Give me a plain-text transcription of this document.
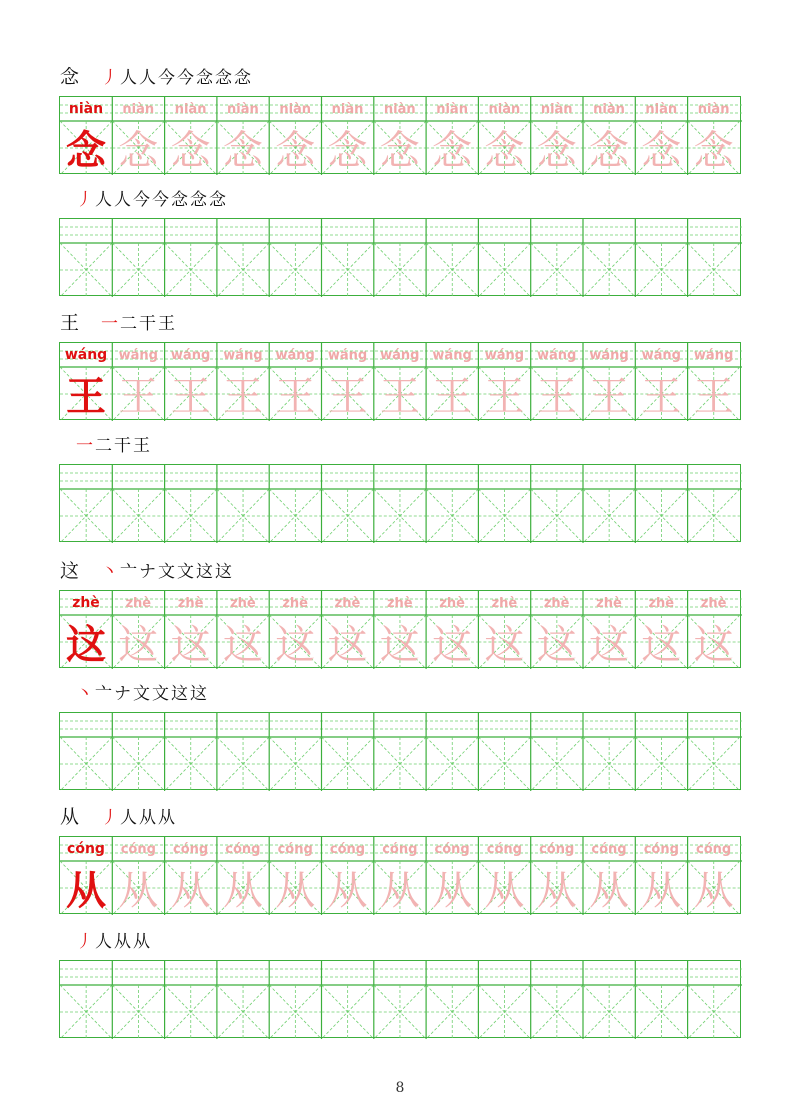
念 丿 人 人 今 今 念 念 念
niàn
念
niàn
念
niàn
念
niàn
念
niàn
念
niàn
念
niàn
念
niàn
念
niàn
念
niàn
念
niàn
念
niàn
念
niàn
念
丿 人 人 今 今 念 念 念
王 一 二 干 王
wáng
王
wáng
王
wáng
王
wáng
王
wáng
王
wáng
王
wáng
王
wáng
王
wáng
王
wáng
王
wáng
王
wáng
王
wáng
王
一 二 干 王
这 丶 亠 ナ 文 文 这 这
zhè
这
zhè
这
zhè
这
zhè
这
zhè
这
zhè
这
zhè
这
zhè
这
zhè
这
zhè
这
zhè
这
zhè
这
zhè
这
丶 亠 ナ 文 文 这 这
从 丿 人 从 从
cóng
从
cóng
从
cóng
从
cóng
从
cóng
从
cóng
从
cóng
从
cóng
从
cóng
从
cóng
从
cóng
从
cóng
从
cóng
从
丿 人 从 从
8
